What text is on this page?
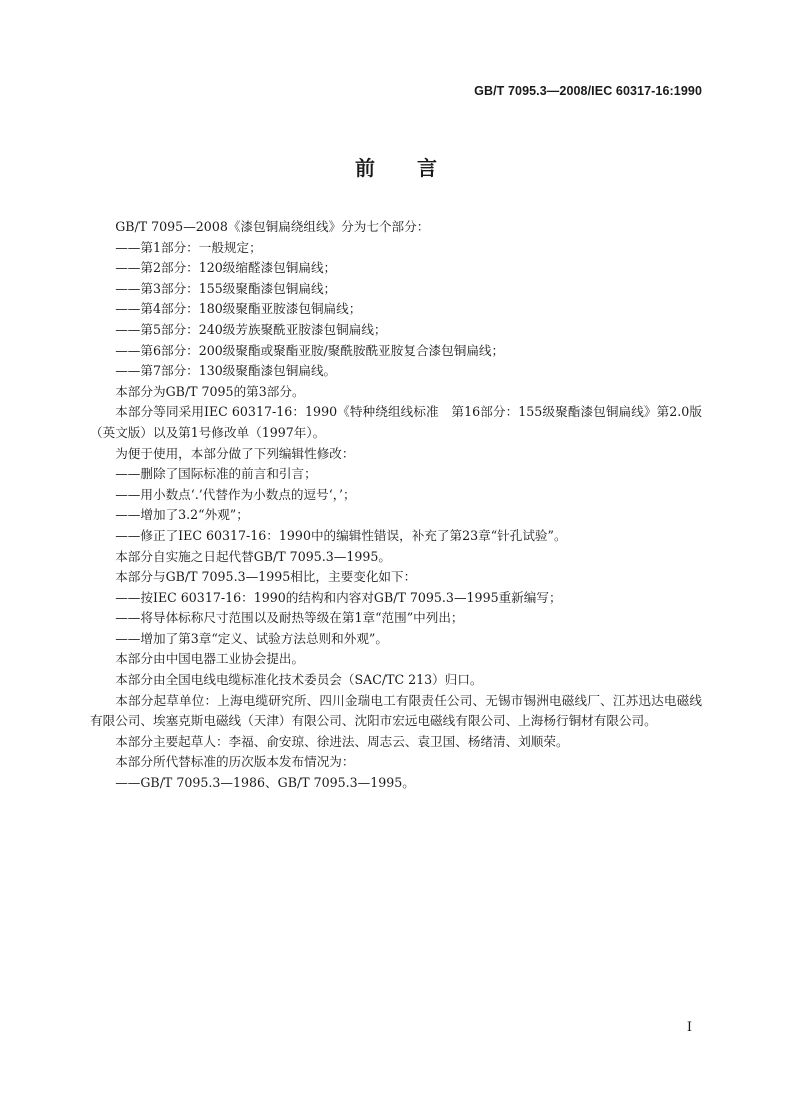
GB/T 7095.3—2008/IEC 60317-16:1990
前言

GB/T 7095—2008《漆包铜扁绕组线》分为七个部分：

——第1部分：一般规定；

——第2部分：120级缩醛漆包铜扁线；

——第3部分：155级聚酯漆包铜扁线；

——第4部分：180级聚酯亚胺漆包铜扁线；

——第5部分：240级芳族聚酰亚胺漆包铜扁线；

——第6部分：200级聚酯或聚酯亚胺/聚酰胺酰亚胺复合漆包铜扁线；

——第7部分：130级聚酯漆包铜扁线。

本部分为GB/T 7095的第3部分。

本部分等同采用IEC 60317-16：1990《特种绕组线标准　第16部分：155级聚酯漆包铜扁线》第2.0版（英文版）以及第1号修改单（1997年）。

为便于使用，本部分做了下列编辑性修改：

——删除了国际标准的前言和引言；

——用小数点‘.’代替作为小数点的逗号‘，’；

——增加了3.2“外观”；

——修正了IEC 60317-16：1990中的编辑性错误，补充了第23章“针孔试验”。

本部分自实施之日起代替GB/T 7095.3—1995。

本部分与GB/T 7095.3—1995相比，主要变化如下：

——按IEC 60317-16：1990的结构和内容对GB/T 7095.3—1995重新编写；

——将导体标称尺寸范围以及耐热等级在第1章“范围”中列出；

——增加了第3章“定义、试验方法总则和外观”。

本部分由中国电器工业协会提出。

本部分由全国电线电缆标准化技术委员会（SAC/TC 213）归口。

本部分起草单位：上海电缆研究所、四川金瑞电工有限责任公司、无锡市锡洲电磁线厂、江苏迅达电磁线有限公司、埃塞克斯电磁线（天津）有限公司、沈阳市宏远电磁线有限公司、上海杨行铜材有限公司。

本部分主要起草人：李福、俞安琼、徐进法、周志云、袁卫国、杨绪清、刘顺荣。

本部分所代替标准的历次版本发布情况为：

——GB/T 7095.3—1986、GB/T 7095.3—1995。

I
